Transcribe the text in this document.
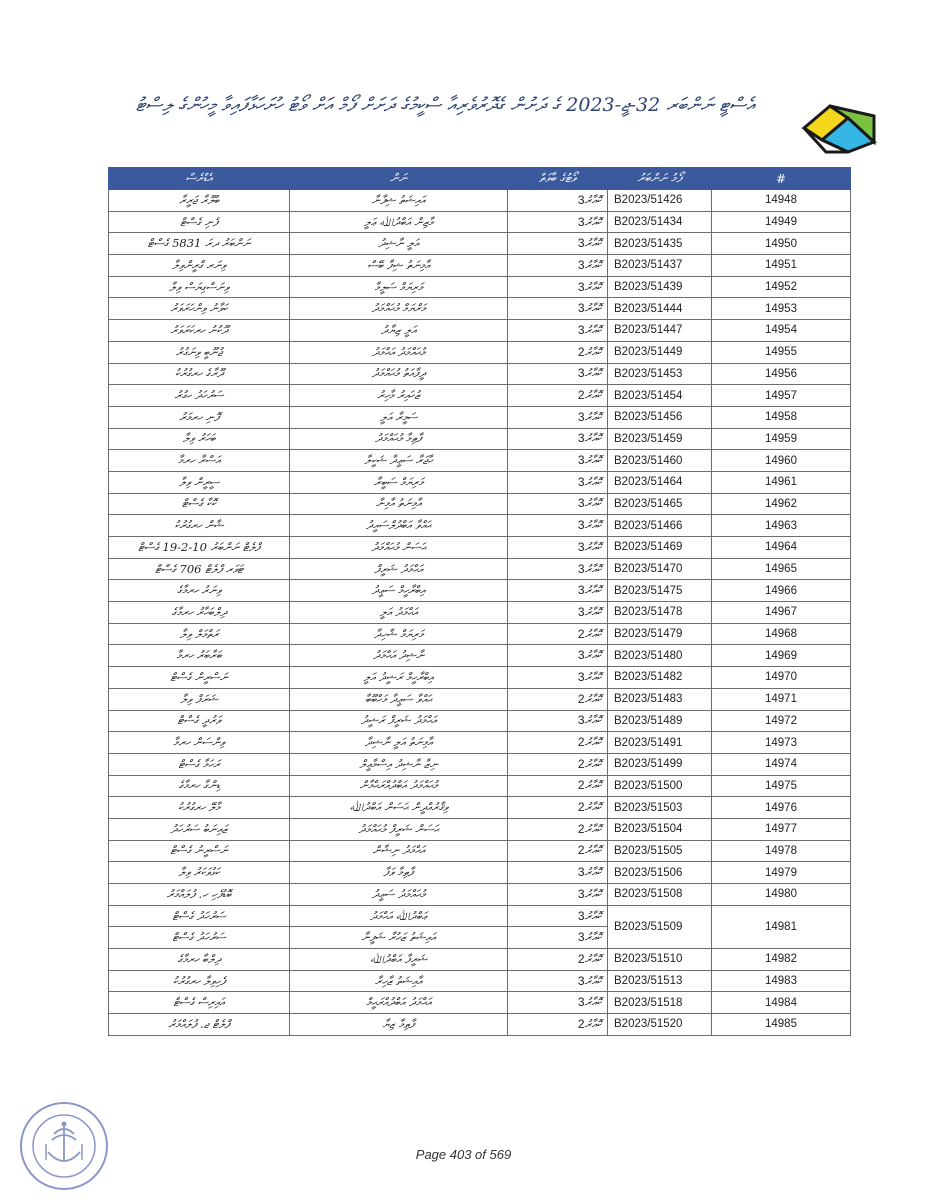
އެސްޓީ ނަންބަރ 32-ޖީ-2023 ގެ ދަށުން ގެދޮރުވެރިއާ ސްކީމުގެ ދަށަށް ފޯމް އަށް ވޯޓު ހުށަހަޅާފައިވާ މީހުންގެ ލިސްޓު
އެޑްރެސް	ނަން	ވޯޓުގެ ބާވަތް	ފޯމު ނަންބަރު	#
ބުލޫރާ ޖަރީރާ	އައިޝަތު ޝިފާނާ	ކޮއާރު3	B2023/51426	14948
ފެނި ގެސްޓް	މާޒިން އަބްދުﷲ ޢަލީ	ކޮއާރު3	B2023/51434	14949
ނަންބަރު ދރަ 5831 ގެސްޓް	އަލީ ނާޝިދު	ކޮއާރު3	B2023/51435	14950
ވިނަރ ގްރީންވިލާ	އާމިނަތު ޝިފާ ބޭސް	ކޮއާރު3	B2023/51437	14951
ވިނަސްގިޔަސް ވިލާ	މަރިޔަމް ސަލީމާ	ކޮއާރު3	B2023/51439	14952
ކަވާނު ވިންހަރަވަރު	މަރްޔަމް މުޙައްމަދު	ކޮއާރު3	B2023/51444	14953
ދޫކުނު ހރކަރަވަރު	އަލީ ޒިޔާދު	ކޮއާރު3	B2023/51447	14954
ޖުނޫބީ ވިނަގުރު	މުޙައްމަދު އަޙްމަދު	ކޮއާރު2	B2023/51449	14955
ދޫރާގެ ހރގުރުކު	ދީފާއަތު މުޙައްމަދު	ކޮއާރު3	B2023/51453	14956
ސަރުހަދު ހގުރު	ޒުހައިރު މާހިރު	ކޮއާރު2	B2023/51454	14957
ފޮނި ހރމަރު	ސަމީރާ އަލީ	ކޮއާރު3	B2023/51456	14958
ބަހަރު ވިލާ	ފާޠިމާ މުޙައްމަދު	ކޮއާރު3	B2023/51459	14959
އަސްރާ ހރމާ	ހާޖަރާ ސަޢީދާ ޝަކީލާ	ކޮއާރު3	B2023/51460	14960
ސީރީން ވިލާ	މަރިޔަމް ސަބީރާ	ކޮއާރު3	B2023/51464	14961
ކޮކާ ގެސްޓް	އާމިނަތު އާމިނާ	ކޮއާރު3	B2023/51465	14962
ޝާން ހރގުރުކު	ޙައްވާ އަބްދުލްސައީދު	ކޮއާރު3	B2023/51466	14963
ފްލެޓް ނަންބަރު 10-2-19 ގެސްޓް	ޙަސަން މުޙައްމަދު	ކޮއާރު3	B2023/51469	14964
ޓަވަރ ފްލެޓް 706 ގެސްޓް	އަޙްމަދު ޝަރީފް	ކޮއާރު3	B2023/51470	14965
ވިނަރު ހރމާގެ	އިބްރާހީމް ސަޢީދު	ކޮއާރު3	B2023/51475	14966
ދިލްބަހާރު ހރމާގެ	އަޙްމަދު އަލީ	ކޮއާރު3	B2023/51478	14967
ރަތްމަލް ވިލާ	މަރިޔަމް ޝާހިދާ	ކޮއާރު2	B2023/51479	14968
ބަރާބަރު ހރމާ	ނާޝިދު އަޙްމަދު	ކޮއާރު3	B2023/51480	14969
ނަސްރީން ގެސްޓް	އިބްރާހީމް ރަޝީދު އަލީ	ކޮއާރު3	B2023/51482	14970
ޝަރަފް ވިލާ	ޙައްވާ ސަޢީދާ މަހްބޫބާ	ކޮއާރު2	B2023/51483	14971
ވަރުދީ ގެސްޓް	އަޙްމަދު ޝަރީފް ރަޝީދު	ކޮއާރު3	B2023/51489	14972
ވިންސަން ހރމާ	އާމިނަތު އަލީ ނާޝިދާ	ކޮއާރު2	B2023/51491	14973
ރަހަމާ ގެސްޓް	ނިޒާ ނާޝިދު އިސްމާޢީލް	ކޮއާރު2	B2023/51499	14974
ޑިންގާ ހރމާގެ	މުޙައްމަދު އަބްދުއްރަޙްމާން	ކޮއާރު2	B2023/51500	14975
މާލޭ ހރގުރުކު	ވިޤާރުއްދީން ޙަސަން އަބްދުﷲ	ކޮއާރު2	B2023/51503	14976
ޒައިނަބު ސަރުހަދު	ޙަސަން ޝަރީފް މުޙައްމަދު	ކޮއާރު2	B2023/51504	14977
ނަސްރީނު ގެސްޓް	އަޙްމަދު ނިޝާން	ކޮއާރު2	B2023/51505	14978
ކަޅުވަކަރު ވިލާ	ފާޠިމާ ވަފާ	ކޮއާރު3	B2023/51506	14979
ބޮޑުފެހި ހ. ފުލައްމަރު	މުޙައްމަދު ސަޢީދު	ކޮއާރު3	B2023/51508	14980
ސަރުހަދު ގެސްޓް	ޢަބްދުﷲ އަޙްމަދު	ކޮއާރު3	B2023/51509	14981
ސަރުހަދު ގެސްޓް	އައިޝަތު ޒަހުރާ ޝަފީނާ	ކޮއާރު3		
ދިލްބާ ހރމާގެ	ޝަރީފާ އަބްދުﷲ	ކޮއާރު2	B2023/51510	14982
ފެހިވިލާ ހރގުރުކު	އާއިޝަތު ޒާހިރާ	ކޮއާރު3	B2023/51513	14983
އައިރިސް ގެސްޓް	އަޙްމަދު އަބްދުއްރަޙީމް	ކޮއާރު3	B2023/51518	14984
ފްލެޓް ޖ. ފުލައްމަރު	ފާޠިމާ ޒިޔާ	ކޮއާރު2	B2023/51520	14985
Page 403 of 569
